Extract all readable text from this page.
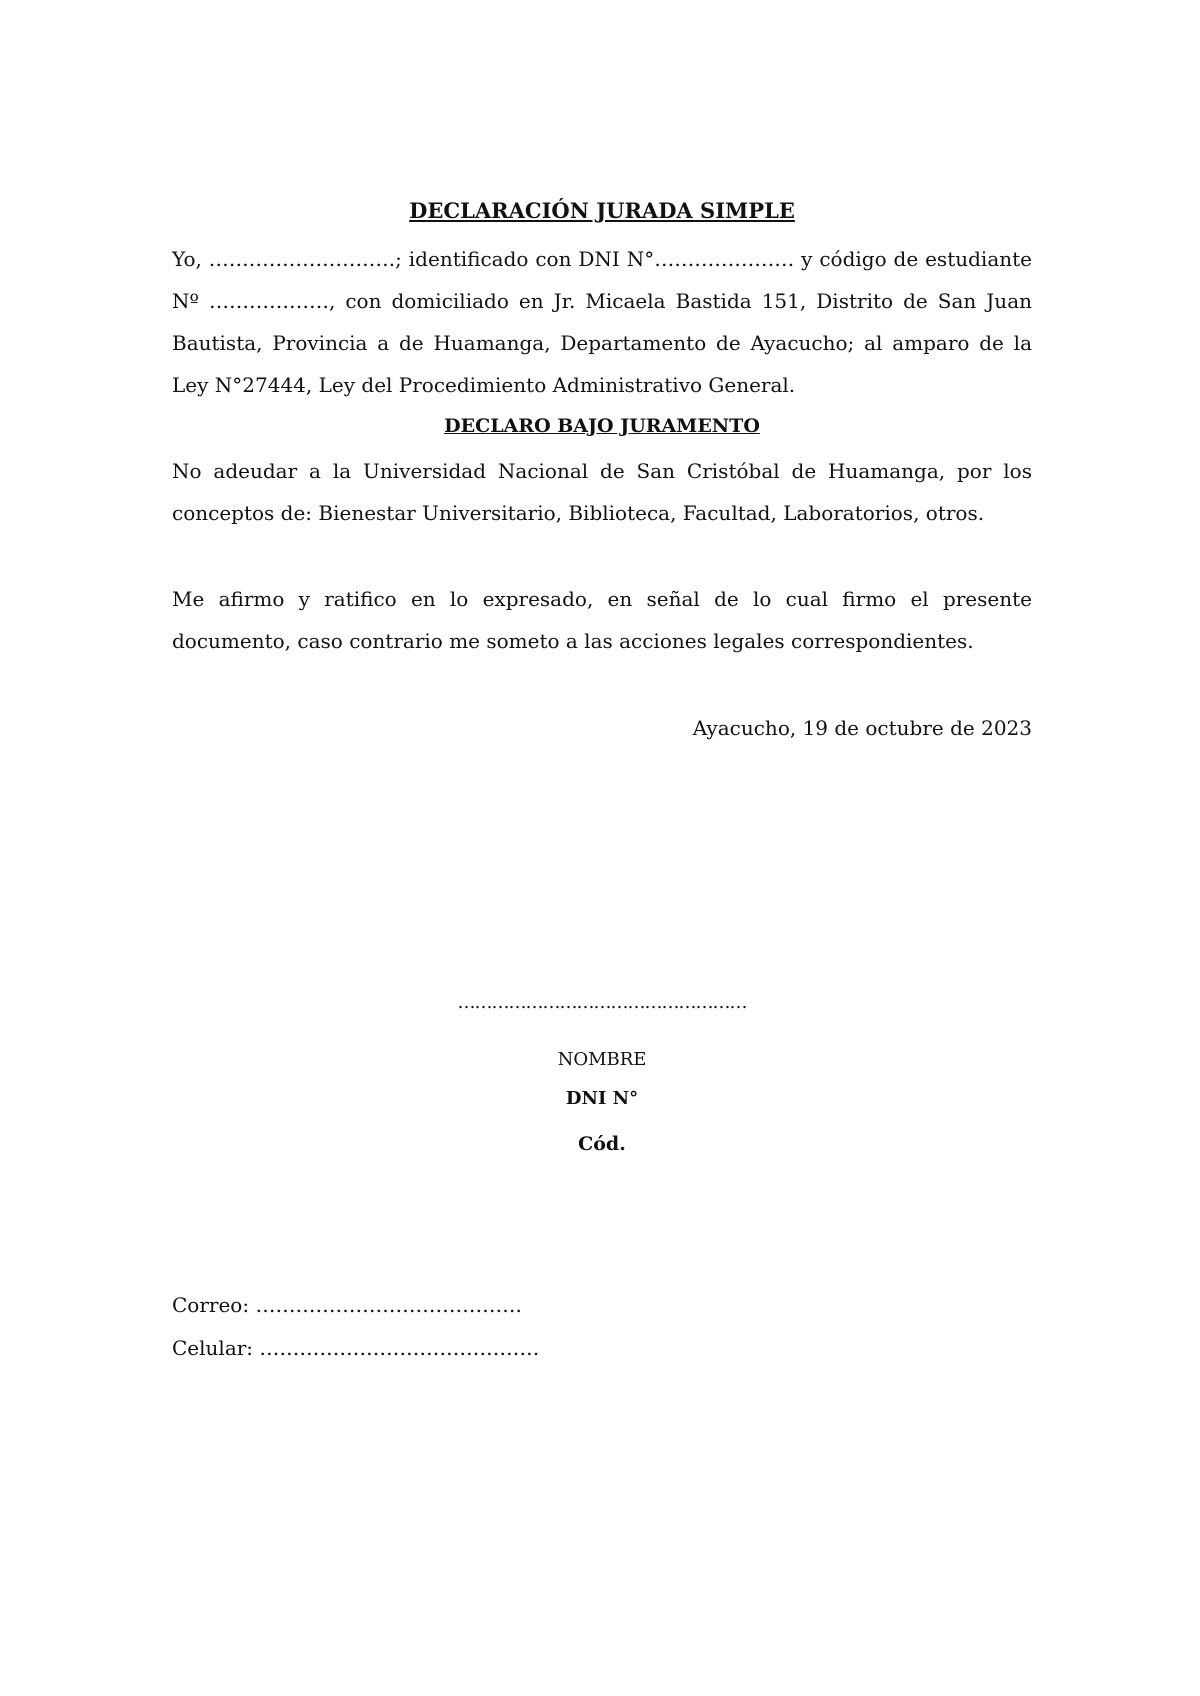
DECLARACIÓN JURADA SIMPLE

Yo, ……………………….; identificado con DNI N°………………… y código de estudiante Nº ………………, con domiciliado en Jr. Micaela Bastida 151, Distrito de San Juan Bautista, Provincia a de Huamanga, Departamento de Ayacucho; al amparo de la Ley N°27444, Ley del Procedimiento Administrativo General.

DECLARO BAJO JURAMENTO

No adeudar a la Universidad Nacional de San Cristóbal de Huamanga, por los conceptos de: Bienestar Universitario, Biblioteca, Facultad, Laboratorios, otros.

Me afirmo y ratifico en lo expresado, en señal de lo cual firmo el presente documento, caso contrario me someto a las acciones legales correspondientes.

Ayacucho, 19 de octubre de 2023

……………………………………………

NOMBRE

DNI N°

Cód.

Correo: ………………………………….

Celular: ……………………………………
